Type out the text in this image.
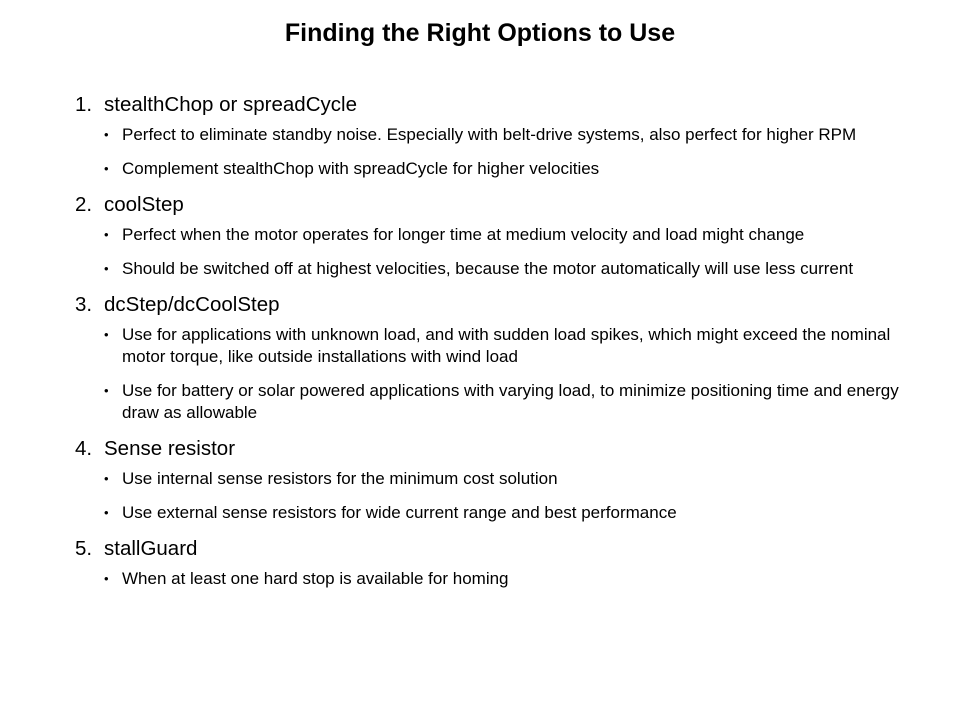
Finding the Right Options to Use
1. stealthChop or spreadCycle
• Perfect to eliminate standby noise. Especially with belt-drive systems, also perfect for higher RPM
• Complement stealthChop with spreadCycle for higher velocities
2. coolStep
• Perfect when the motor operates for longer time at medium velocity and load might change
• Should be switched off at highest velocities, because the motor automatically will use less current
3. dcStep/dcCoolStep
• Use for applications with unknown load, and with sudden load spikes, which might exceed the nominal motor torque, like outside installations with wind load
• Use for battery or solar powered applications with varying load, to minimize positioning time and energy draw as allowable
4. Sense resistor
• Use internal sense resistors for the minimum cost solution
• Use external sense resistors for wide current range and best performance
5. stallGuard
• When at least one hard stop is available for homing
